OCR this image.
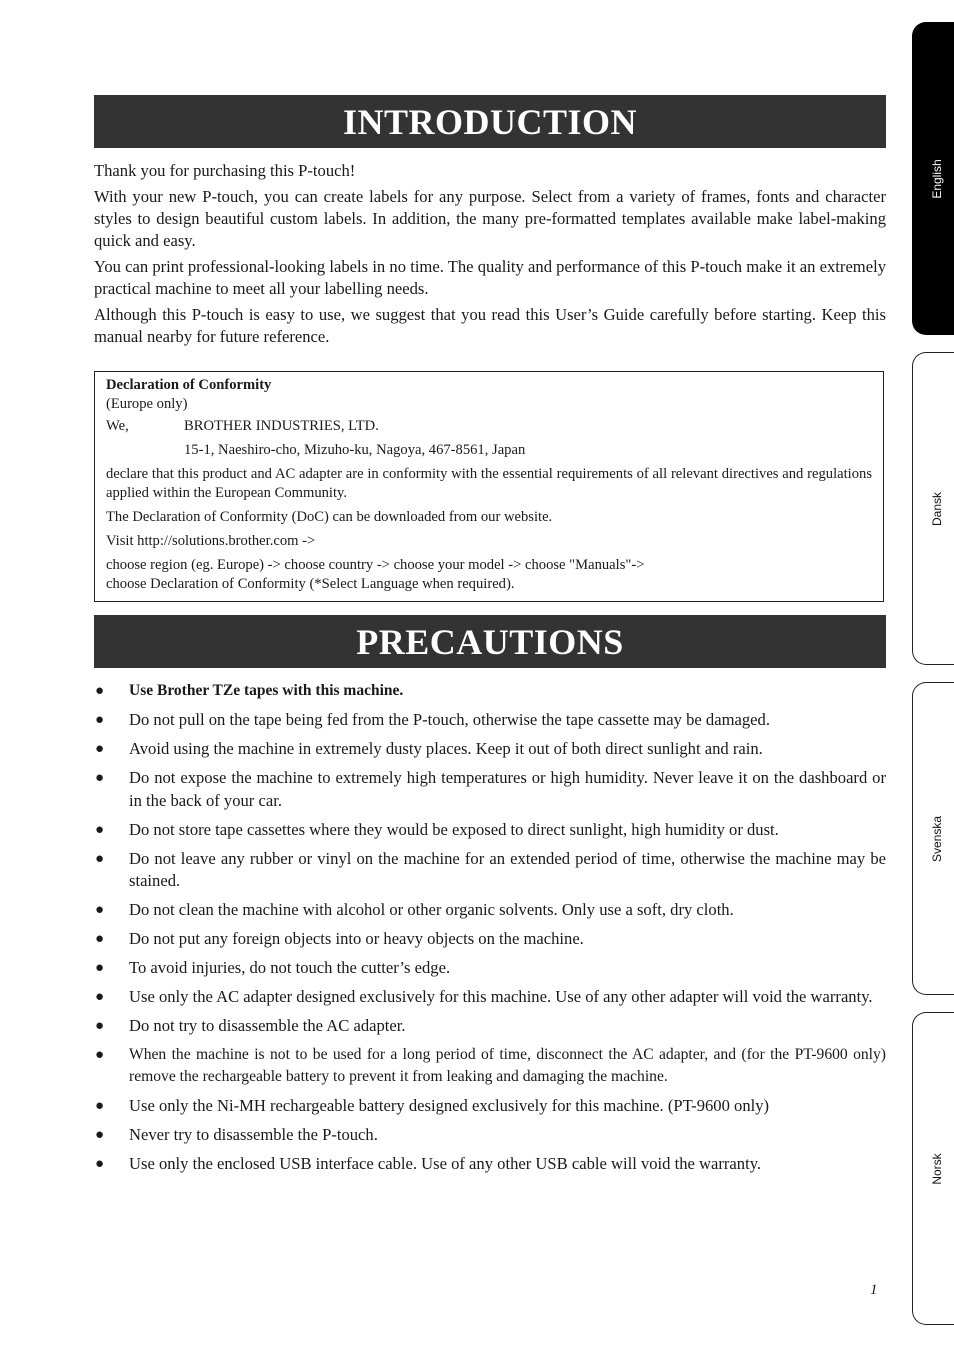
INTRODUCTION

Thank you for purchasing this P-touch!

With your new P-touch, you can create labels for any purpose. Select from a variety of frames, fonts and character styles to design beautiful custom labels. In addition, the many pre-formatted templates available make label-making quick and easy.

You can print professional-looking labels in no time. The quality and performance of this P-touch make it an extremely practical machine to meet all your labelling needs.

Although this P-touch is easy to use, we suggest that you read this User’s Guide carefully before starting. Keep this manual nearby for future reference.

Declaration of Conformity

(Europe only)

We,	BROTHER INDUSTRIES, LTD.
15-1, Naeshiro-cho, Mizuho-ku, Nagoya, 467-8561, Japan

declare that this product and AC adapter are in conformity with the essential requirements of all relevant directives and regulations applied within the European Community.

The Declaration of Conformity (DoC) can be downloaded from our website.

Visit http://solutions.brother.com ->

choose region (eg. Europe) -> choose country -> choose your model -> choose "Manuals"->

choose Declaration of Conformity (*Select Language when required).

PRECAUTIONS
●	Use Brother TZe tapes with this machine.
●	Do not pull on the tape being fed from the P-touch, otherwise the tape cassette may be damaged.
●	Avoid using the machine in extremely dusty places. Keep it out of both direct sunlight and rain.
●	Do not expose the machine to extremely high temperatures or high humidity. Never leave it on the dashboard or in the back of your car.
●	Do not store tape cassettes where they would be exposed to direct sunlight, high humidity or dust.
●	Do not leave any rubber or vinyl on the machine for an extended period of time, otherwise the machine may be stained.
●	Do not clean the machine with alcohol or other organic solvents. Only use a soft, dry cloth.
●	Do not put any foreign objects into or heavy objects on the machine.
●	To avoid injuries, do not touch the cutter’s edge.
●	Use only the AC adapter designed exclusively for this machine. Use of any other adapter will void the warranty.
●	Do not try to disassemble the AC adapter.
●	When the machine is not to be used for a long period of time, disconnect the AC adapter, and (for the PT-9600 only) remove the rechargeable battery to prevent it from leaking and damaging the machine.
●	Use only the Ni-MH rechargeable battery designed exclusively for this machine. (PT-9600 only)
●	Never try to disassemble the P-touch.
●	Use only the enclosed USB interface cable. Use of any other USB cable will void the warranty.
1
English
Dansk
Svenska
Norsk
